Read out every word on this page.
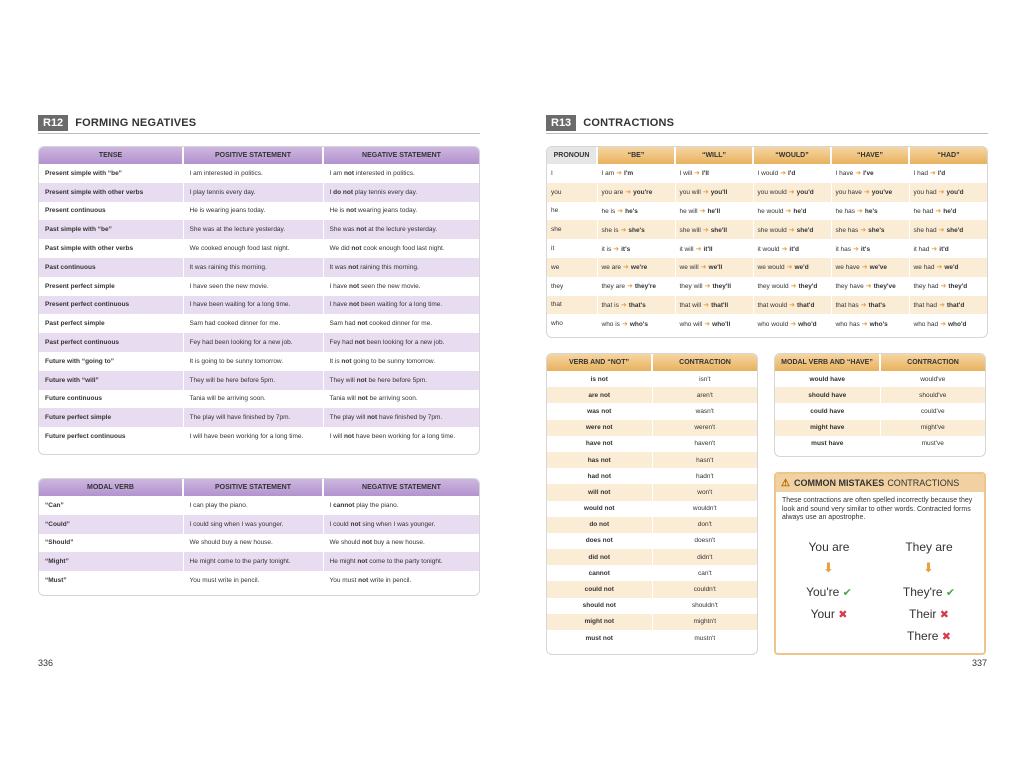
R12	FORMING NEGATIVES
TENSE	POSITIVE STATEMENT	NEGATIVE STATEMENT
Present simple with “be”	I am interested in politics.	I am not interested in politics.
Present simple with other verbs	I play tennis every day.	I do not play tennis every day.
Present continuous	He is wearing jeans today.	He is not wearing jeans today.
Past simple with “be”	She was at the lecture yesterday.	She was not at the lecture yesterday.
Past simple with other verbs	We cooked enough food last night.	We did not cook enough food last night.
Past continuous	It was raining this morning.	It was not raining this morning.
Present perfect simple	I have seen the new movie.	I have not seen the new movie.
Present perfect continuous	I have been waiting for a long time.	I have not been waiting for a long time.
Past perfect simple	Sam had cooked dinner for me.	Sam had not cooked dinner for me.
Past perfect continuous	Fey had been looking for a new job.	Fey had not been looking for a new job.
Future with “going to”	It is going to be sunny tomorrow.	It is not going to be sunny tomorrow.
Future with “will”	They will be here before 5pm.	They will not be here before 5pm.
Future continuous	Tania will be arriving soon.	Tania will not be arriving soon.
Future perfect simple	The play will have finished by 7pm.	The play will not have finished by 7pm.
Future perfect continuous	I will have been working for a long time.	I will not have been working for a long time.
MODAL VERB	POSITIVE STATEMENT	NEGATIVE STATEMENT
“Can”	I can play the piano.	I cannot play the piano.
“Could”	I could sing when I was younger.	I could not sing when I was younger.
“Should”	We should buy a new house.	We should not buy a new house.
“Might”	He might come to the party tonight.	He might not come to the party tonight.
“Must”	You must write in pencil.	You must not write in pencil.
336
R13	CONTRACTIONS
PRONOUN	“BE”	“WILL”	“WOULD”	“HAVE”	“HAD”
I	I am ➜ I'm	I will ➜ I'll	I would ➜ I'd	I have ➜ I've	I had ➜ I'd
you	you are ➜ you're	you will ➜ you'll	you would ➜ you'd	you have ➜ you've	you had ➜ you'd
he	he is ➜ he's	he will ➜ he'll	he would ➜ he'd	he has ➜ he's	he had ➜ he'd
she	she is ➜ she's	she will ➜ she'll	she would ➜ she'd	she has ➜ she's	she had ➜ she'd
it	it is ➜ it's	it will ➜ it'll	it would ➜ it'd	it has ➜ it's	it had ➜ it'd
we	we are ➜ we're	we will ➜ we'll	we would ➜ we'd	we have ➜ we've	we had ➜ we'd
they	they are ➜ they're	they will ➜ they'll	they would ➜ they'd	they have ➜ they've	they had ➜ they'd
that	that is ➜ that's	that will ➜ that'll	that would ➜ that'd	that has ➜ that's	that had ➜ that'd
who	who is ➜ who's	who will ➜ who'll	who would ➜ who'd	who has ➜ who's	who had ➜ who'd
VERB AND “NOT”	CONTRACTION
is not	isn't
are not	aren't
was not	wasn't
were not	weren't
have not	haven't
has not	hasn't
had not	hadn't
will not	won't
would not	wouldn't
do not	don't
does not	doesn't
did not	didn't
cannot	can't
could not	couldn't
should not	shouldn't
might not	mightn't
must not	mustn't
MODAL VERB AND “HAVE”	CONTRACTION
would have	would've
should have	should've
could have	could've
might have	might've
must have	must've
⚠ COMMON MISTAKES CONTRACTIONS
These contractions are often spelled incorrectly because they look and sound very similar to other words. Contracted forms always use an apostrophe.
You are	They are
⬇	⬇
You're ✔	They're ✔
Your ✖	Their ✖
There ✖
337
